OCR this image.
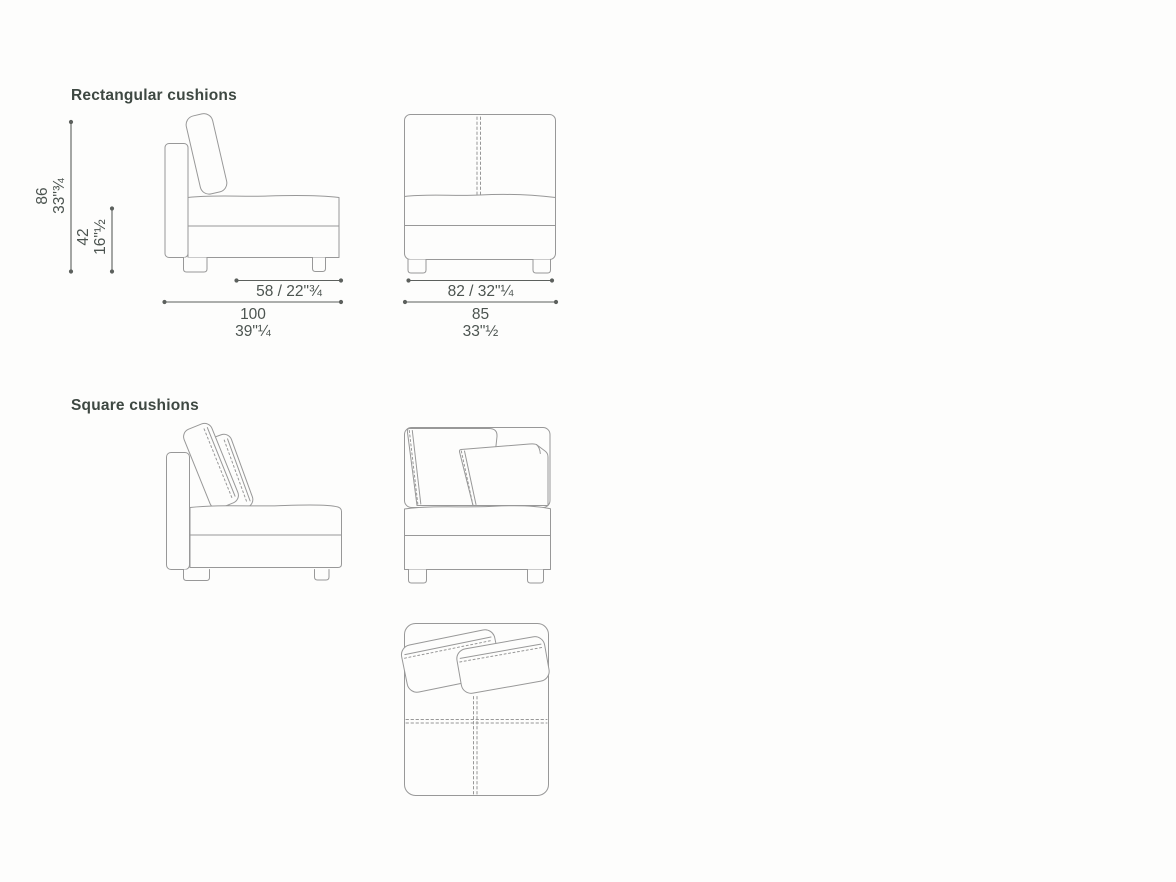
Rectangular cushions
86 33"¾
42 16"½
58 / 22"¾
100
39"¼
82 / 32"¼
85
33"½
Square cushions
